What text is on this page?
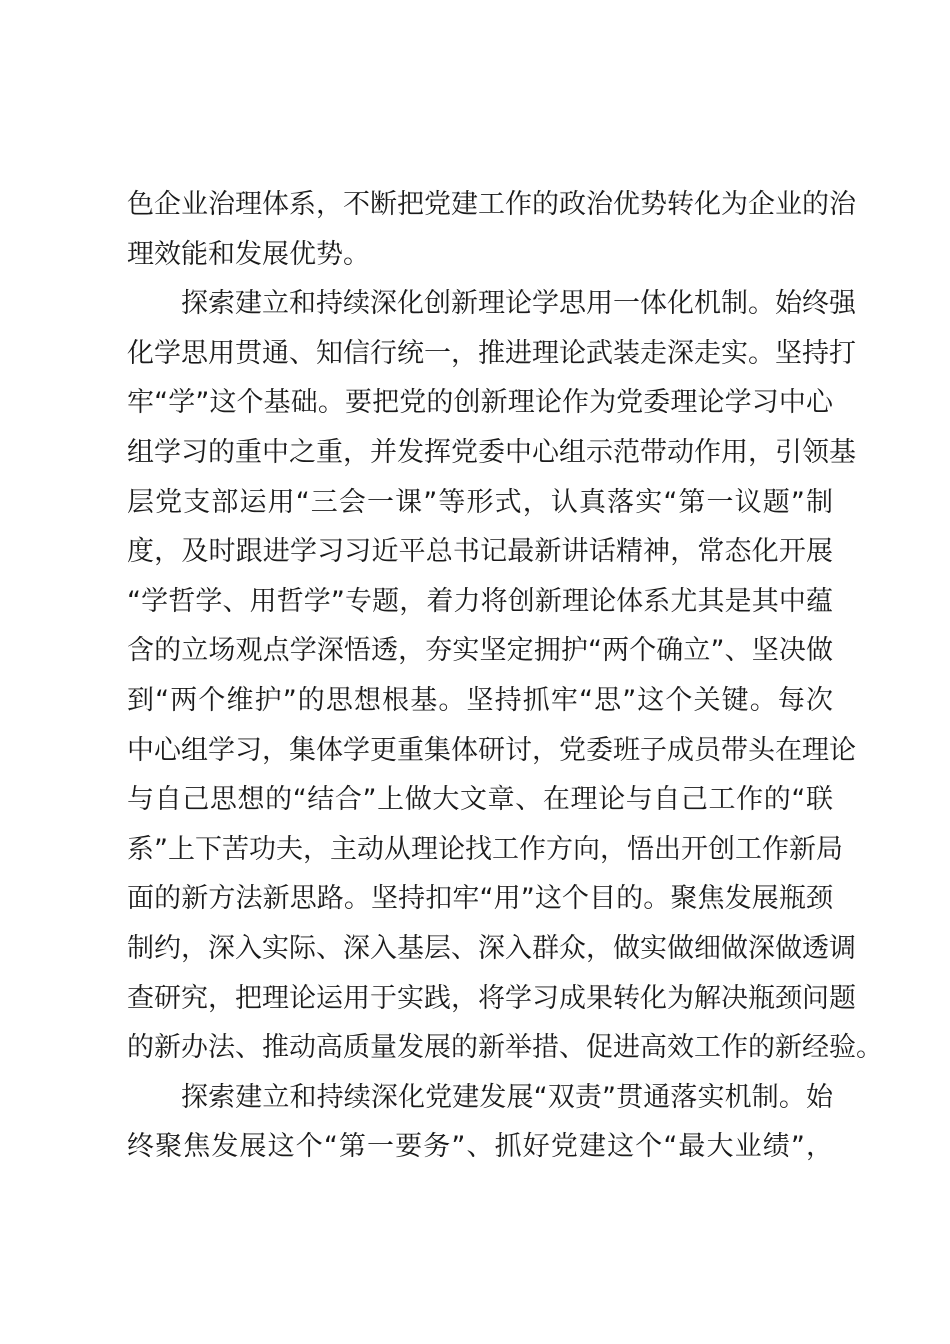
色企业治理体系，不断把党建工作的政治优势转化为企业的治
理效能和发展优势。
探索建立和持续深化创新理论学思用一体化机制。始终强
化学思用贯通、知信行统一，推进理论武装走深走实。坚持打
牢“学”这个基础。要把党的创新理论作为党委理论学习中心
组学习的重中之重，并发挥党委中心组示范带动作用，引领基
层党支部运用“三会一课”等形式，认真落实“第一议题”制
度，及时跟进学习习近平总书记最新讲话精神，常态化开展
“学哲学、用哲学”专题，着力将创新理论体系尤其是其中蕴
含的立场观点学深悟透，夯实坚定拥护“两个确立”、坚决做
到“两个维护”的思想根基。坚持抓牢“思”这个关键。每次
中心组学习，集体学更重集体研讨，党委班子成员带头在理论
与自己思想的“结合”上做大文章、在理论与自己工作的“联
系”上下苦功夫，主动从理论找工作方向，悟出开创工作新局
面的新方法新思路。坚持扣牢“用”这个目的。聚焦发展瓶颈
制约，深入实际、深入基层、深入群众，做实做细做深做透调
查研究，把理论运用于实践，将学习成果转化为解决瓶颈问题
的新办法、推动高质量发展的新举措、促进高效工作的新经验。
探索建立和持续深化党建发展“双责”贯通落实机制。始
终聚焦发展这个“第一要务”、抓好党建这个“最大业绩”，
